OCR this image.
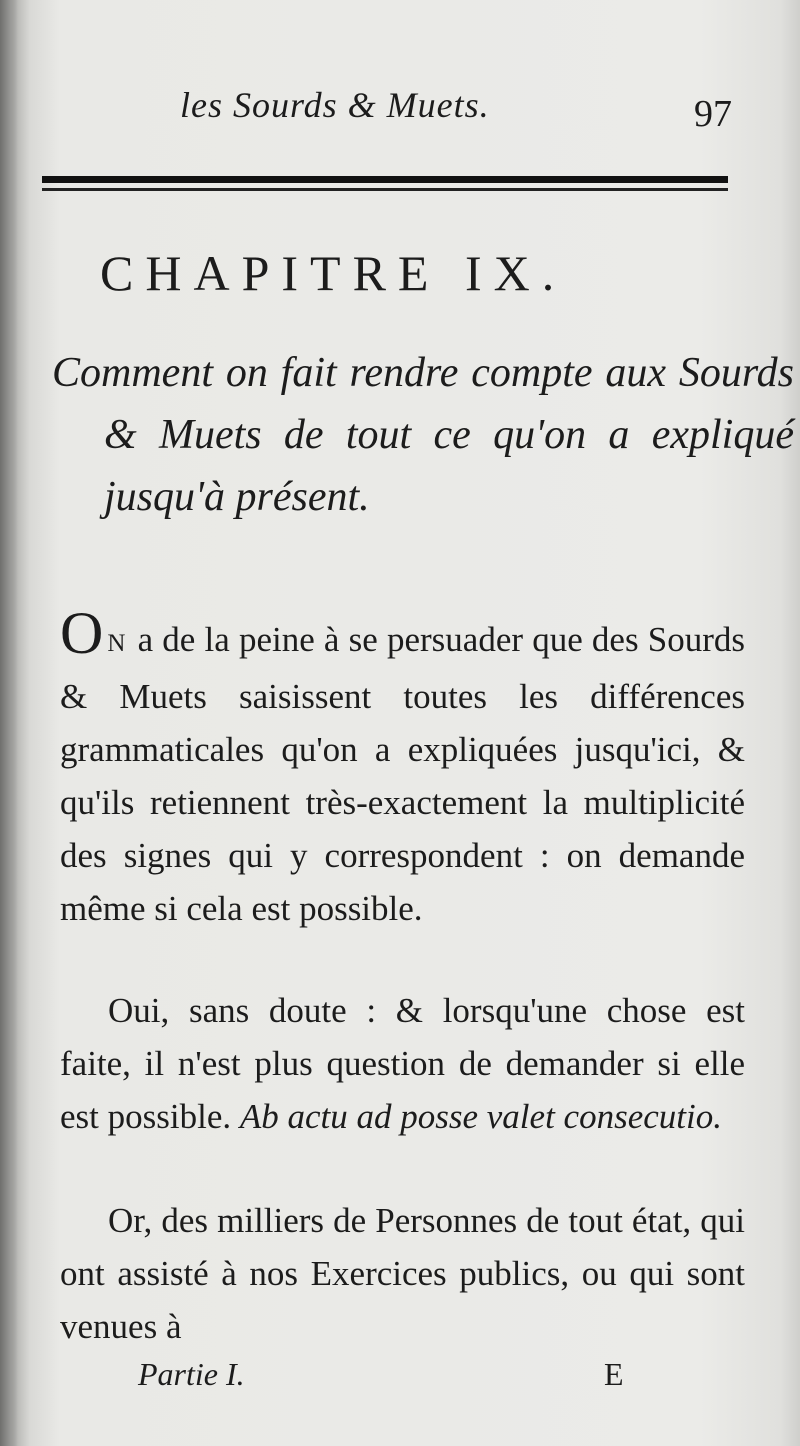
les Sourds & Muets.	97
CHAPITRE IX.
Comment on fait rendre compte aux Sourds & Muets de tout ce qu'on a expliqué jusqu'à présent.
O N a de la peine à se persuader que des Sourds & Muets saisissent toutes les différences grammaticales qu'on a expliquées jusqu'ici, & qu'ils retiennent très-exactement la multiplicité des signes qui y correspondent : on demande même si cela est possible.
Oui, sans doute : & lorsqu'une chose est faite, il n'est plus question de demander si elle est possible. Ab actu ad posse valet consecutio.
Or, des milliers de Personnes de tout état, qui ont assisté à nos Exercices publics, ou qui sont venues à
Partie I.	E
